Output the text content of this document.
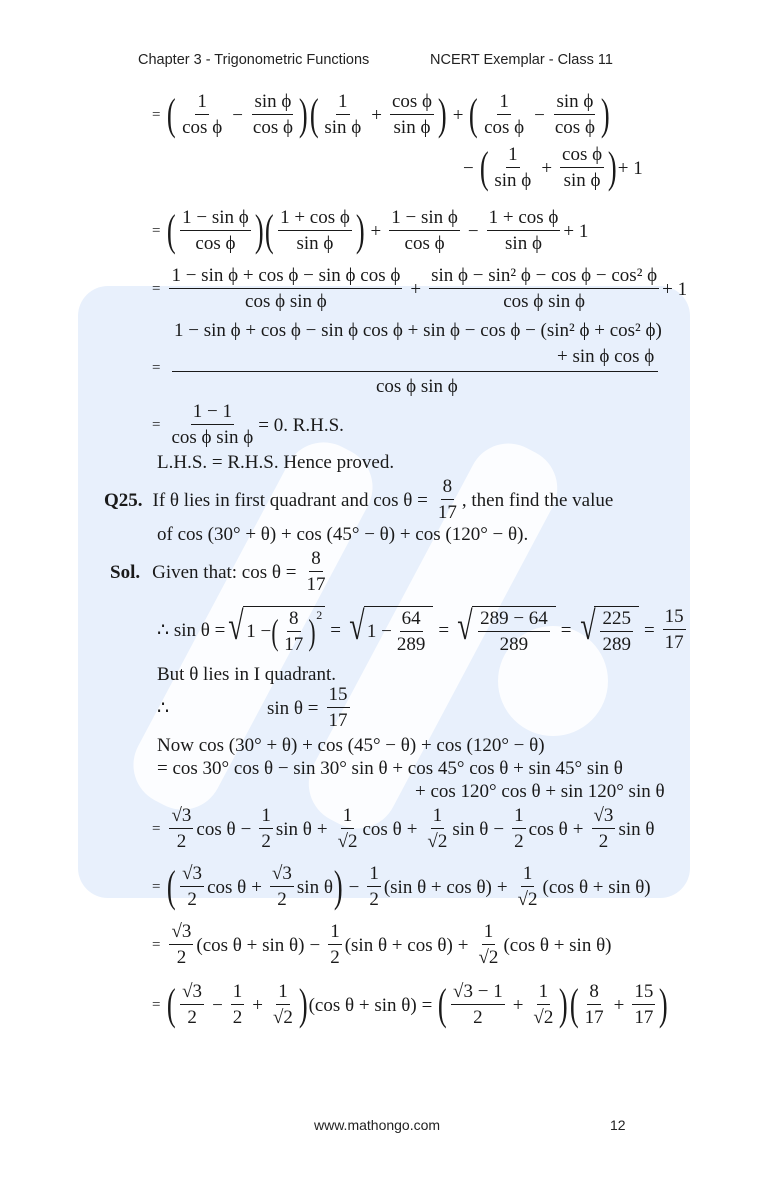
Chapter 3 - Trigonometric Functions	NCERT Exemplar - Class 11
= ( $\frac{1}{\text{cos ϕ}} - \frac{\text{sin ϕ}}{\text{cos ϕ}}$ ) ( $\frac{1}{\text{sin ϕ}} + \frac{\text{cos ϕ}}{\text{sin ϕ}}$ ) + ( $\frac{1}{\text{cos ϕ}} - \frac{\text{sin ϕ}}{\text{cos ϕ}}$ )
− ( $\frac{1}{\text{sin ϕ}} + \frac{\text{cos ϕ}}{\text{sin ϕ}}$ ) + 1
= ( $\frac{\text{1 − sin ϕ}}{\text{cos ϕ}}$ ) ( $\frac{\text{1 + cos ϕ}}{\text{sin ϕ}}$ ) + $\frac{\text{1 − sin ϕ}}{\text{cos ϕ}} - \frac{\text{1 + cos ϕ}}{\text{sin ϕ}} + 1$
= $\frac{\text{1 − sin ϕ + cos ϕ − sin ϕ cos ϕ}}{\text{cos ϕ sin ϕ}} + \frac{\text{sin ϕ − sin² ϕ − cos ϕ − cos² ϕ}}{\text{cos ϕ sin ϕ}} + 1$
=
1 − sin ϕ + cos ϕ − sin ϕ cos ϕ + sin ϕ − cos ϕ − (sin² ϕ + cos² ϕ)
+ sin ϕ cos ϕ
cos ϕ sin ϕ
= $\frac{1 - 1}{\text{cos ϕ sin ϕ}} = 0$. R.H.S.
L.H.S. = R.H.S. Hence proved.
Q25. If θ lies in first quadrant and $\cos \theta = \frac{8}{17}$ , then find the value
of cos (30° + θ) + cos (45° − θ) + cos (120° − θ).
Sol. Given that: $\cos \theta = \frac{8}{17}$
∴ sin θ = √ 1 − ( $\frac{8}{17} )^2$
= √ $1 - \frac{64}{289}$ = √ $\frac{289 - 64}{289}$ = √ $\frac{225}{289} = \frac{15}{17}$
But θ lies in I quadrant.
∴	$\sin \theta = \frac{15}{17}$
Now cos (30° + θ) + cos (45° − θ) + cos (120° − θ)
= cos 30° cos θ − sin 30° sin θ + cos 45° cos θ + sin 45° sin θ
+ cos 120° cos θ + sin 120° sin θ
= $\frac{√3}{2}$ $\cos \theta - \frac{1}{2}$ $\sin \theta + \frac{1}{√2}$ $\cos \theta + \frac{1}{√2}$ $\sin \theta - \frac{1}{2}$ $\cos \theta + \frac{√3}{2}$ sin θ
= ( $\frac{√3}{2}$ $\cos \theta + \frac{√3}{2}$ sin θ ) − $\frac{1}{2} (\sin$ $\theta + \cos \theta) + \frac{1}{√2} (\cos$ θ + sin θ)
= $\frac{√3}{2} (\cos$ $\theta + \sin \theta) - \frac{1}{2} (\sin$ $\theta + \cos \theta) + \frac{1}{√2} (\cos$ θ + sin θ)
= ( $\frac{√3}{2} - \frac{1}{2} + \frac{1}{√2}$ ) (cos θ + sin θ) = ( $\frac{√3 - 1}{2} + \frac{1}{√2}$ ) ( $\frac{8}{17} + \frac{15}{17}$ )
www.mathongo.com	12
